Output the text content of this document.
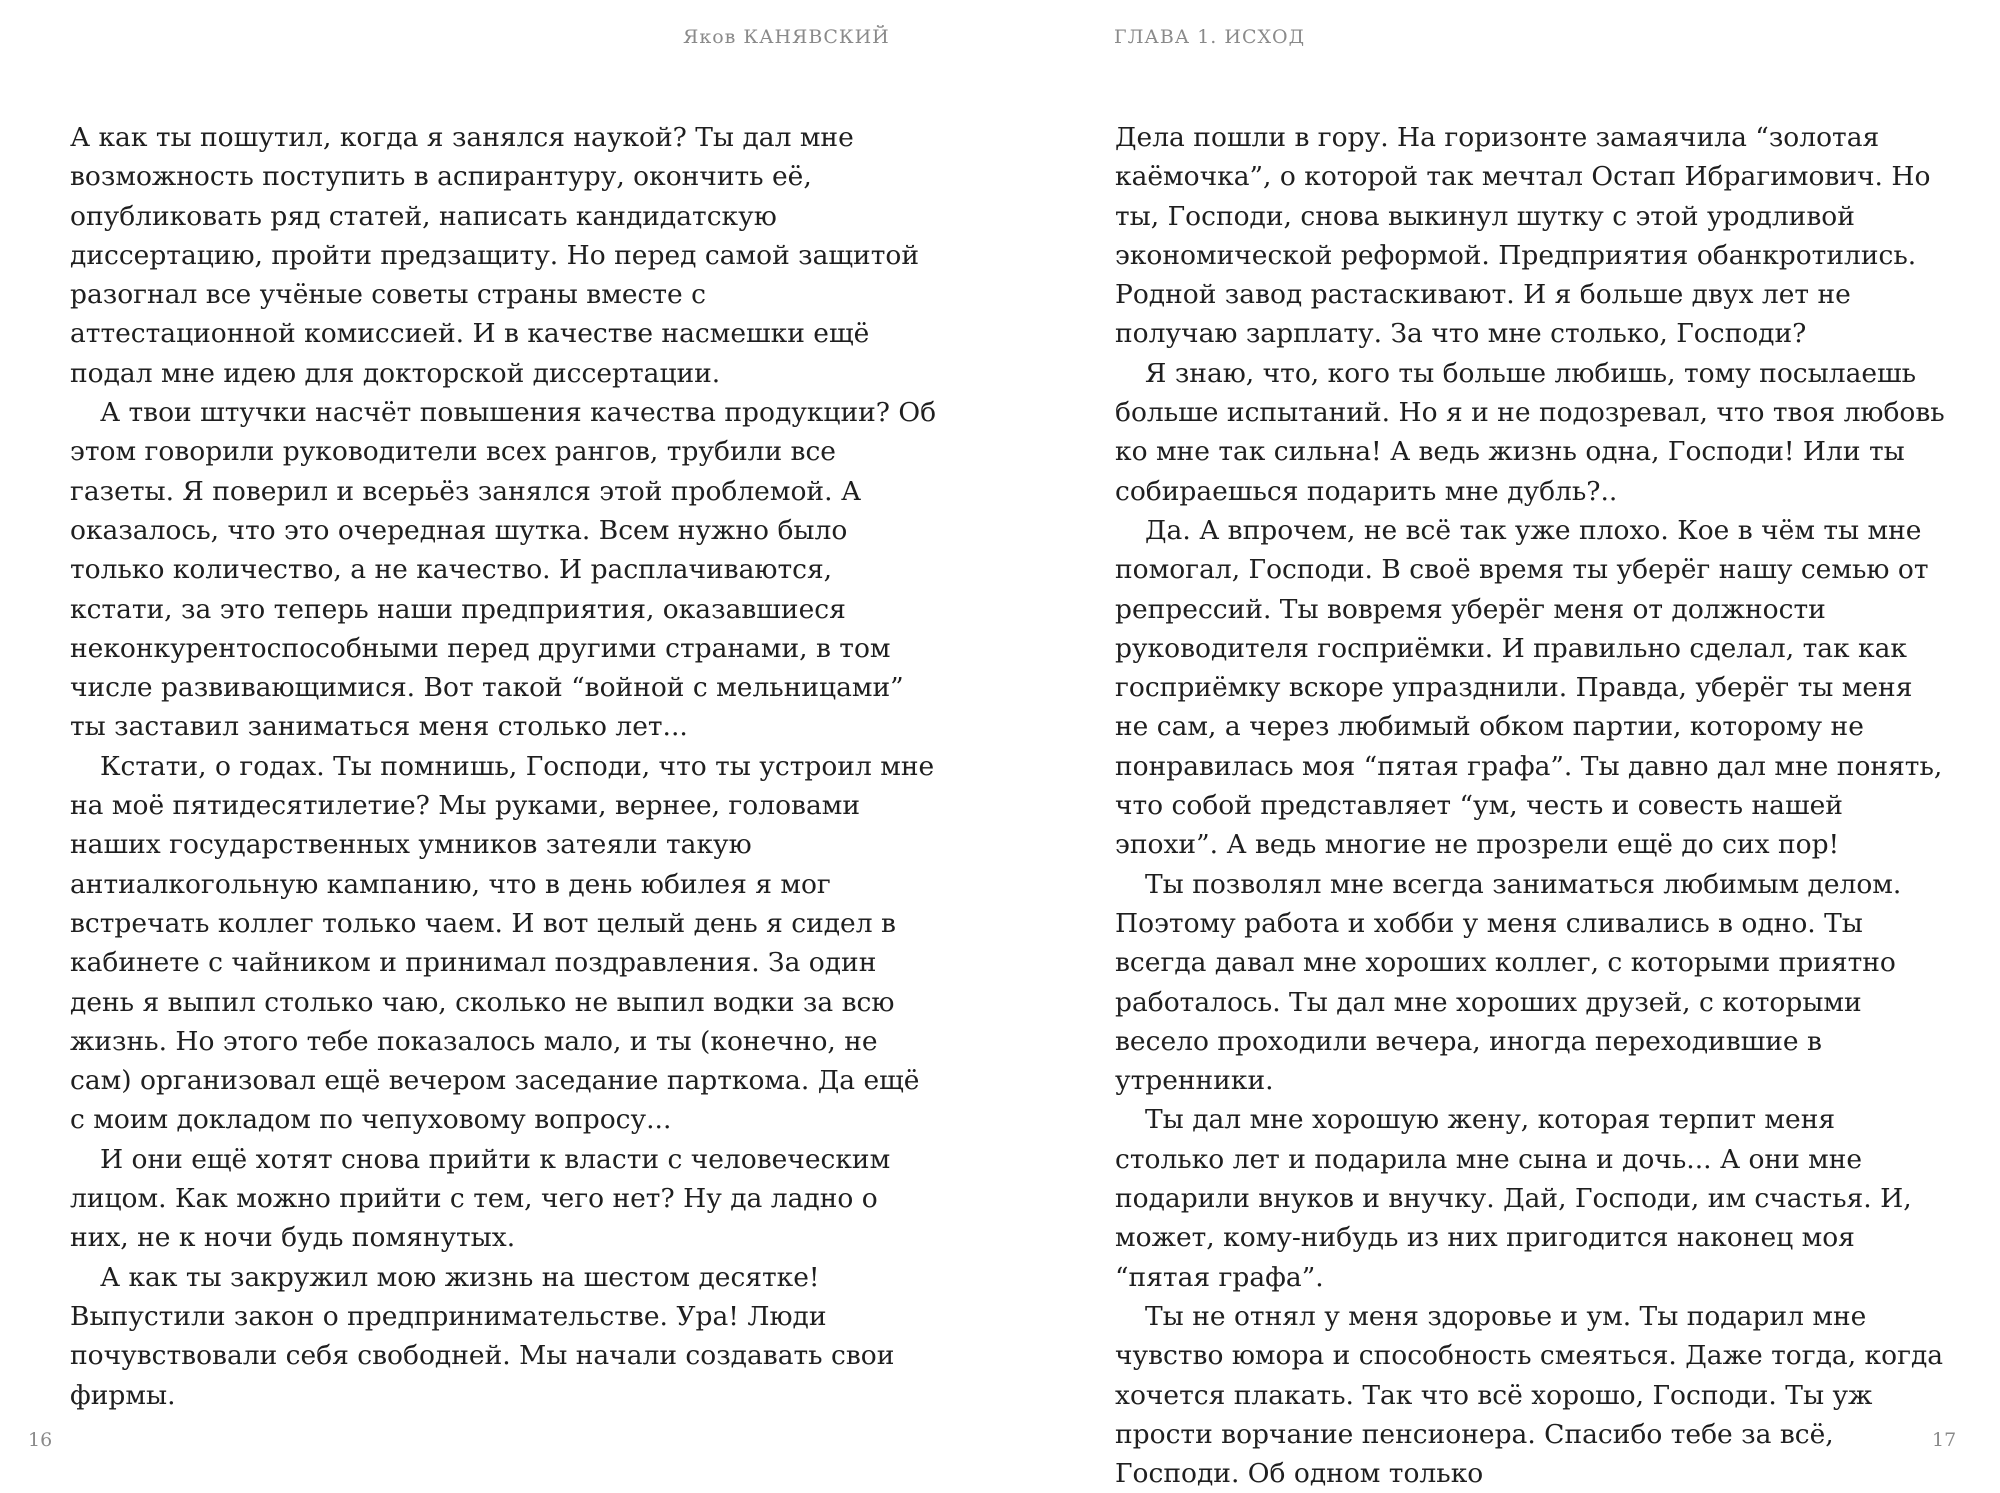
Яков КАНЯВСКИЙ

А как ты пошутил, когда я занялся наукой? Ты дал мне возможность поступить в аспирантуру, окончить её, опубликовать ряд статей, написать кандидатскую диссертацию, пройти предзащиту. Но перед самой защитой разогнал все учёные советы страны вместе с аттестационной комиссией. И в качестве насмешки ещё подал мне идею для докторской диссертации.

А твои штучки насчёт повышения качества продукции? Об этом говорили руководители всех рангов, трубили все газеты. Я поверил и всерьёз занялся этой проблемой. А оказалось, что это очередная шутка. Всем нужно было только количество, а не качество. И расплачиваются, кстати, за это теперь наши предприятия, оказавшиеся неконкурентоспособными перед другими странами, в том числе развивающимися. Вот такой “войной с мельницами” ты заставил заниматься меня столько лет...

Кстати, о годах. Ты помнишь, Господи, что ты устроил мне на моё пятидесятилетие? Мы руками, вернее, головами наших государственных умников затеяли такую антиалкогольную кампанию, что в день юбилея я мог встречать коллег только чаем. И вот целый день я сидел в кабинете с чайником и принимал поздравления. За один день я выпил столько чаю, сколько не выпил водки за всю жизнь. Но этого тебе показалось мало, и ты (конечно, не сам) организовал ещё вечером заседание парткома. Да ещё с моим докладом по чепуховому вопросу...

И они ещё хотят снова прийти к власти с человеческим лицом. Как можно прийти с тем, чего нет? Ну да ладно о них, не к ночи будь помянутых.

А как ты закружил мою жизнь на шестом десятке! Выпустили закон о предпринимательстве. Ура! Люди почувствовали себя свободней. Мы начали создавать свои фирмы.

16
ГЛАВА 1. ИСХОД

Дела пошли в гору. На горизонте замаячила “золотая каёмочка”, о которой так мечтал Остап Ибрагимович. Но ты, Господи, снова выкинул шутку с этой уродливой экономической реформой. Предприятия обанкротились. Родной завод растаскивают. И я больше двух лет не получаю зарплату. За что мне столько, Господи?

Я знаю, что, кого ты больше любишь, тому посылаешь больше испытаний. Но я и не подозревал, что твоя любовь ко мне так сильна! А ведь жизнь одна, Господи! Или ты собираешься подарить мне дубль?..

Да. А впрочем, не всё так уже плохо. Кое в чём ты мне помогал, Господи. В своё время ты уберёг нашу семью от репрессий. Ты вовремя уберёг меня от должности руководителя госприёмки. И правильно сделал, так как госприёмку вскоре упразднили. Правда, уберёг ты меня не сам, а через любимый обком партии, которому не понравилась моя “пятая графа”. Ты давно дал мне понять, что собой представляет “ум, честь и совесть нашей эпохи”. А ведь многие не прозрели ещё до сих пор!

Ты позволял мне всегда заниматься любимым делом. Поэтому работа и хобби у меня сливались в одно. Ты всегда давал мне хороших коллег, с которыми приятно работалось. Ты дал мне хороших друзей, с которыми весело проходили вечера, иногда переходившие в утренники.

Ты дал мне хорошую жену, которая терпит меня столько лет и подарила мне сына и дочь... А они мне подарили внуков и внучку. Дай, Господи, им счастья. И, может, кому-нибудь из них пригодится наконец моя “пятая графа”.

Ты не отнял у меня здоровье и ум. Ты подарил мне чувство юмора и способность смеяться. Даже тогда, когда хочется плакать. Так что всё хорошо, Господи. Ты уж прости ворчание пенсионера. Спасибо тебе за всё, Господи. Об одном только

17
